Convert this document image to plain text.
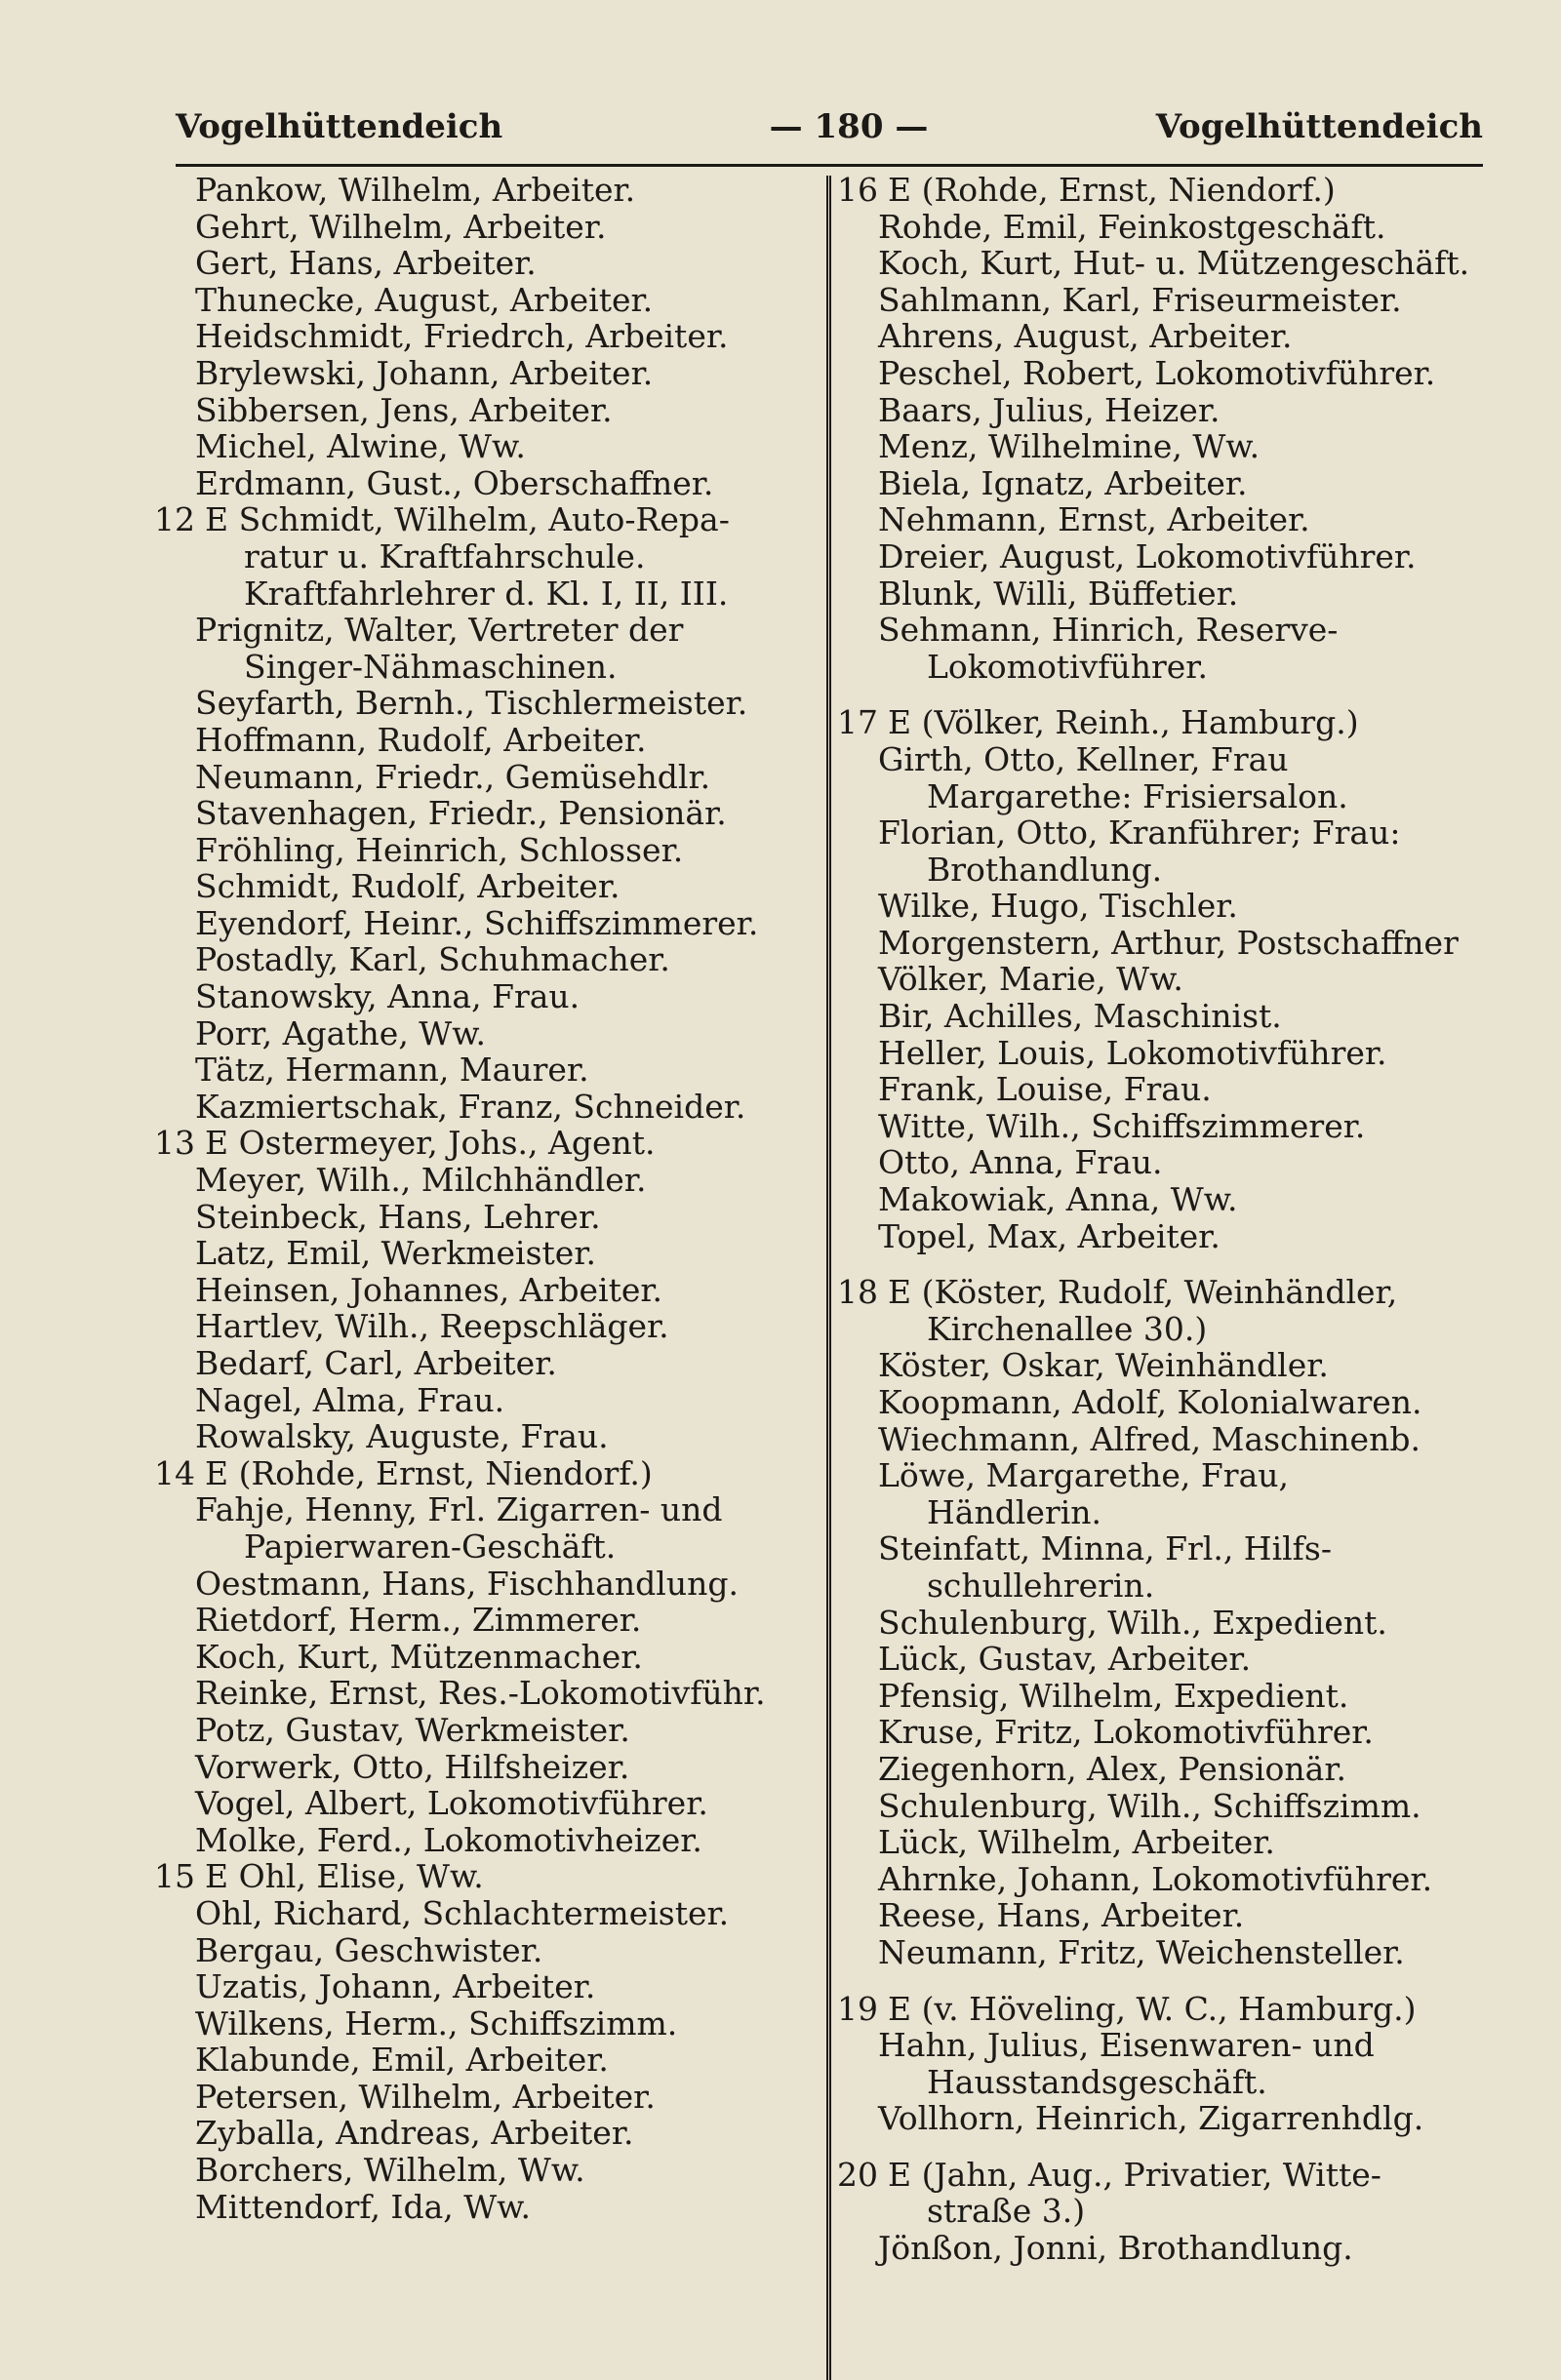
Vogelhüttendeich	— 180 —	Vogelhüttendeich
Pankow, Wilhelm, Arbeiter.
Gehrt, Wilhelm, Arbeiter.
Gert, Hans, Arbeiter.
Thunecke, August, Arbeiter.
Heidschmidt, Friedrch, Arbeiter.
Brylewski, Johann, Arbeiter.
Sibbersen, Jens, Arbeiter.
Michel, Alwine, Ww.
Erdmann, Gust., Oberschaffner.
12 E Schmidt, Wilhelm, Auto-Repa-
ratur u. Kraftfahrschule.
Kraftfahrlehrer d. Kl. I, II, III.
Prignitz, Walter, Vertreter der
Singer-Nähmaschinen.
Seyfarth, Bernh., Tischlermeister.
Hoffmann, Rudolf, Arbeiter.
Neumann, Friedr., Gemüsehdlr.
Stavenhagen, Friedr., Pensionär.
Fröhling, Heinrich, Schlosser.
Schmidt, Rudolf, Arbeiter.
Eyendorf, Heinr., Schiffszimmerer.
Postadly, Karl, Schuhmacher.
Stanowsky, Anna, Frau.
Porr, Agathe, Ww.
Tätz, Hermann, Maurer.
Kazmiertschak, Franz, Schneider.
13 E Ostermeyer, Johs., Agent.
Meyer, Wilh., Milchhändler.
Steinbeck, Hans, Lehrer.
Latz, Emil, Werkmeister.
Heinsen, Johannes, Arbeiter.
Hartlev, Wilh., Reepschläger.
Bedarf, Carl, Arbeiter.
Nagel, Alma, Frau.
Rowalsky, Auguste, Frau.
14 E (Rohde, Ernst, Niendorf.)
Fahje, Henny, Frl. Zigarren- und
Papierwaren-Geschäft.
Oestmann, Hans, Fischhandlung.
Rietdorf, Herm., Zimmerer.
Koch, Kurt, Mützenmacher.
Reinke, Ernst, Res.-Lokomotivführ.
Potz, Gustav, Werkmeister.
Vorwerk, Otto, Hilfsheizer.
Vogel, Albert, Lokomotivführer.
Molke, Ferd., Lokomotivheizer.
15 E Ohl, Elise, Ww.
Ohl, Richard, Schlachtermeister.
Bergau, Geschwister.
Uzatis, Johann, Arbeiter.
Wilkens, Herm., Schiffszimm.
Klabunde, Emil, Arbeiter.
Petersen, Wilhelm, Arbeiter.
Zyballa, Andreas, Arbeiter.
Borchers, Wilhelm, Ww.
Mittendorf, Ida, Ww.
16 E (Rohde, Ernst, Niendorf.)
Rohde, Emil, Feinkostgeschäft.
Koch, Kurt, Hut- u. Mützengeschäft.
Sahlmann, Karl, Friseurmeister.
Ahrens, August, Arbeiter.
Peschel, Robert, Lokomotivführer.
Baars, Julius, Heizer.
Menz, Wilhelmine, Ww.
Biela, Ignatz, Arbeiter.
Nehmann, Ernst, Arbeiter.
Dreier, August, Lokomotivführer.
Blunk, Willi, Büffetier.
Sehmann, Hinrich, Reserve-
Lokomotivführer.
17 E (Völker, Reinh., Hamburg.)
Girth, Otto, Kellner, Frau
Margarethe: Frisiersalon.
Florian, Otto, Kranführer; Frau:
Brothandlung.
Wilke, Hugo, Tischler.
Morgenstern, Arthur, Postschaffner
Völker, Marie, Ww.
Bir, Achilles, Maschinist.
Heller, Louis, Lokomotivführer.
Frank, Louise, Frau.
Witte, Wilh., Schiffszimmerer.
Otto, Anna, Frau.
Makowiak, Anna, Ww.
Topel, Max, Arbeiter.
18 E (Köster, Rudolf, Weinhändler,
Kirchenallee 30.)
Köster, Oskar, Weinhändler.
Koopmann, Adolf, Kolonialwaren.
Wiechmann, Alfred, Maschinenb.
Löwe, Margarethe, Frau,
Händlerin.
Steinfatt, Minna, Frl., Hilfs-
schullehrerin.
Schulenburg, Wilh., Expedient.
Lück, Gustav, Arbeiter.
Pfensig, Wilhelm, Expedient.
Kruse, Fritz, Lokomotivführer.
Ziegenhorn, Alex, Pensionär.
Schulenburg, Wilh., Schiffszimm.
Lück, Wilhelm, Arbeiter.
Ahrnke, Johann, Lokomotivführer.
Reese, Hans, Arbeiter.
Neumann, Fritz, Weichensteller.
19 E (v. Höveling, W. C., Hamburg.)
Hahn, Julius, Eisenwaren- und
Hausstandsgeschäft.
Vollhorn, Heinrich, Zigarrenhdlg.
20 E (Jahn, Aug., Privatier, Witte-
straße 3.)
Jönßon, Jonni, Brothandlung.
